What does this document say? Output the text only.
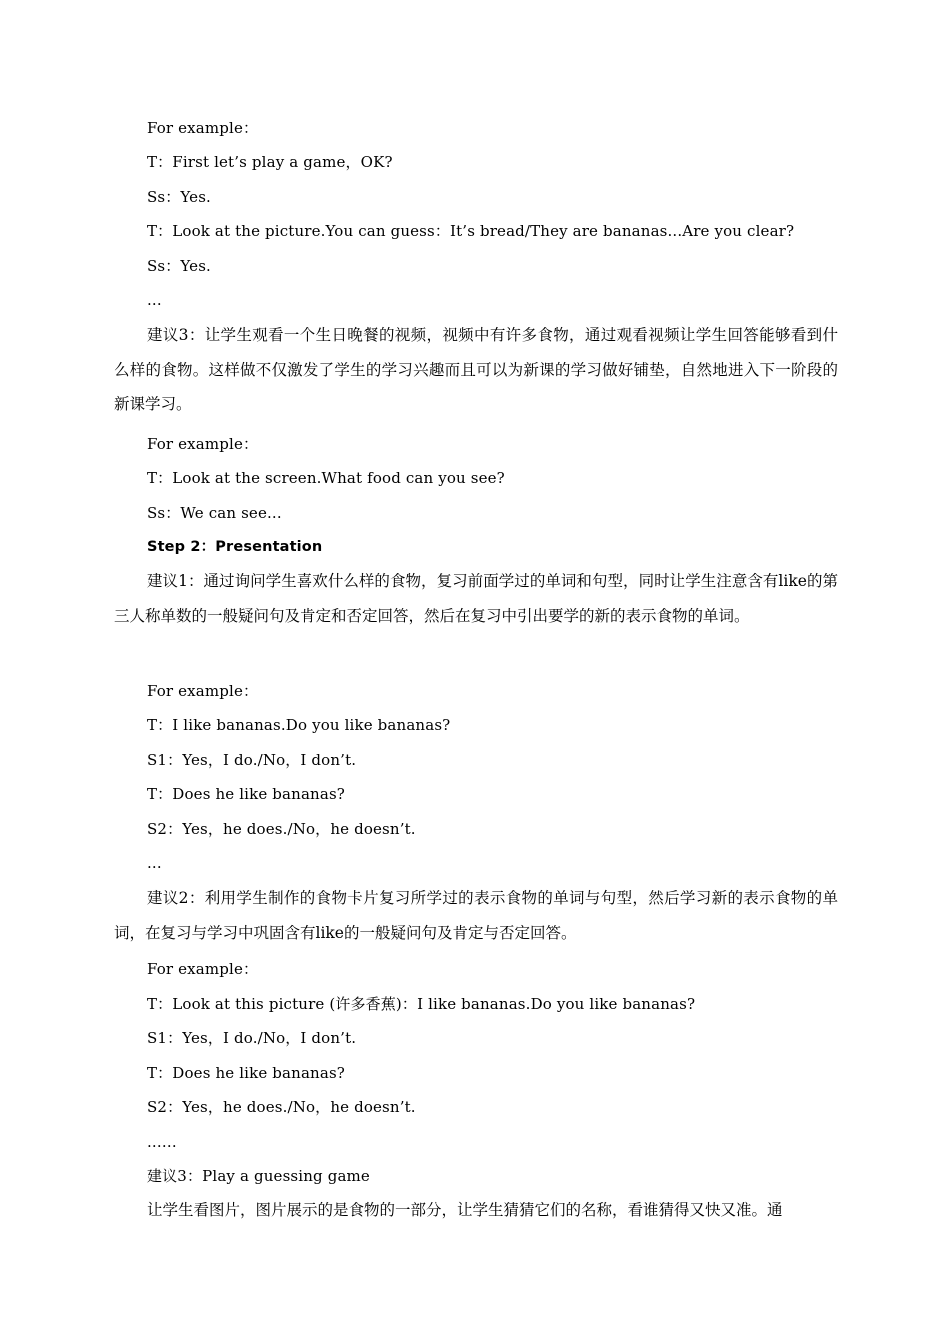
For example：
T：First let’s play a game，OK?
Ss：Yes.
T：Look at the picture.You can guess：It’s bread/They are bananas...Are you clear?
Ss：Yes.
...

建议3：让学生观看一个生日晚餐的视频，视频中有许多食物，通过观看视频让学生回答能够看到什么样的食物。这样做不仅激发了学生的学习兴趣而且可以为新课的学习做好铺垫，自然地进入下一阶段的新课学习。

For example：
T：Look at the screen.What food can you see?
Ss：We can see...
Step 2：Presentation

建议1：通过询问学生喜欢什么样的食物，复习前面学过的单词和句型，同时让学生注意含有like的第三人称单数的一般疑问句及肯定和否定回答，然后在复习中引出要学的新的表示食物的单词。

For example：
T：I like bananas.Do you like bananas?
S1：Yes，I do./No，I don’t.
T：Does he like bananas?
S2：Yes，he does./No，he doesn’t.
...

建议2：利用学生制作的食物卡片复习所学过的表示食物的单词与句型，然后学习新的表示食物的单词，在复习与学习中巩固含有like的一般疑问句及肯定与否定回答。

For example：
T：Look at this picture (许多香蕉)：I like bananas.Do you like bananas?
S1：Yes，I do./No，I don’t.
T：Does he like bananas?
S2：Yes，he does./No，he doesn’t.
...…
建议3：Play a guessing game

让学生看图片，图片展示的是食物的一部分，让学生猜猜它们的名称，看谁猜得又快又准。通
